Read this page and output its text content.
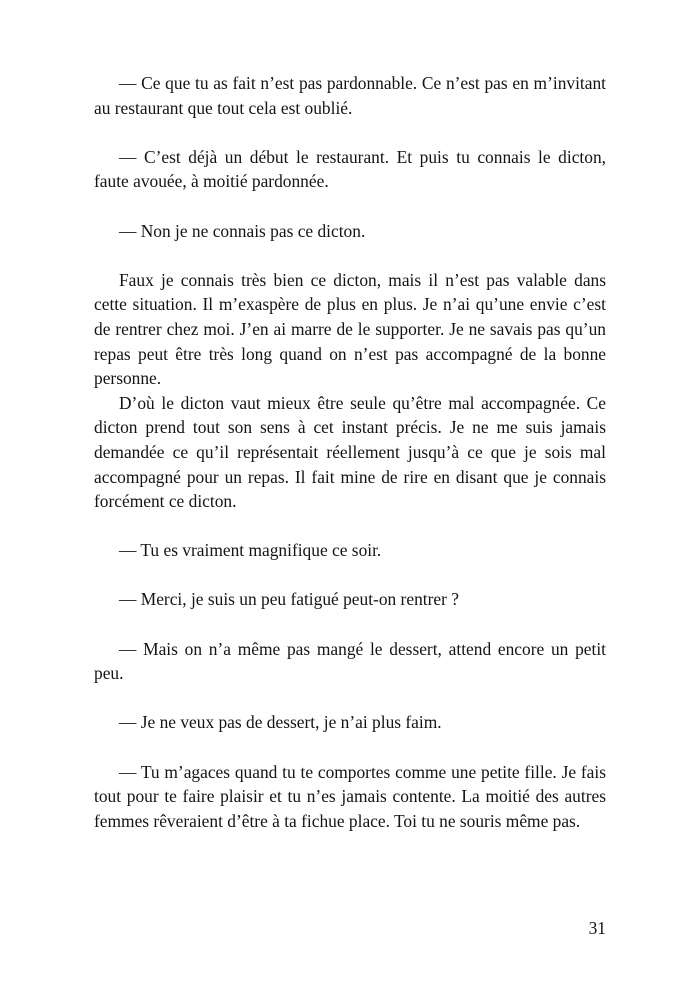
— Ce que tu as fait n’est pas pardonnable. Ce n’est pas en m’invitant au restaurant que tout cela est oublié.

— C’est déjà un début le restaurant. Et puis tu connais le dicton, faute avouée, à moitié pardonnée.

— Non je ne connais pas ce dicton.

Faux je connais très bien ce dicton, mais il n’est pas valable dans cette situation. Il m’exaspère de plus en plus. Je n’ai qu’une envie c’est de rentrer chez moi. J’en ai marre de le supporter. Je ne savais pas qu’un repas peut être très long quand on n’est pas accompagné de la bonne personne.

D’où le dicton vaut mieux être seule qu’être mal accompagnée. Ce dicton prend tout son sens à cet instant précis. Je ne me suis jamais demandée ce qu’il représentait réellement jusqu’à ce que je sois mal accompagné pour un repas. Il fait mine de rire en disant que je connais forcément ce dicton.

— Tu es vraiment magnifique ce soir.

— Merci, je suis un peu fatigué peut-on rentrer ?

— Mais on n’a même pas mangé le dessert, attend encore un petit peu.

— Je ne veux pas de dessert, je n’ai plus faim.

— Tu m’agaces quand tu te comportes comme une petite fille. Je fais tout pour te faire plaisir et tu n’es jamais contente. La moitié des autres femmes rêveraient d’être à ta fichue place. Toi tu ne souris même pas.

31
